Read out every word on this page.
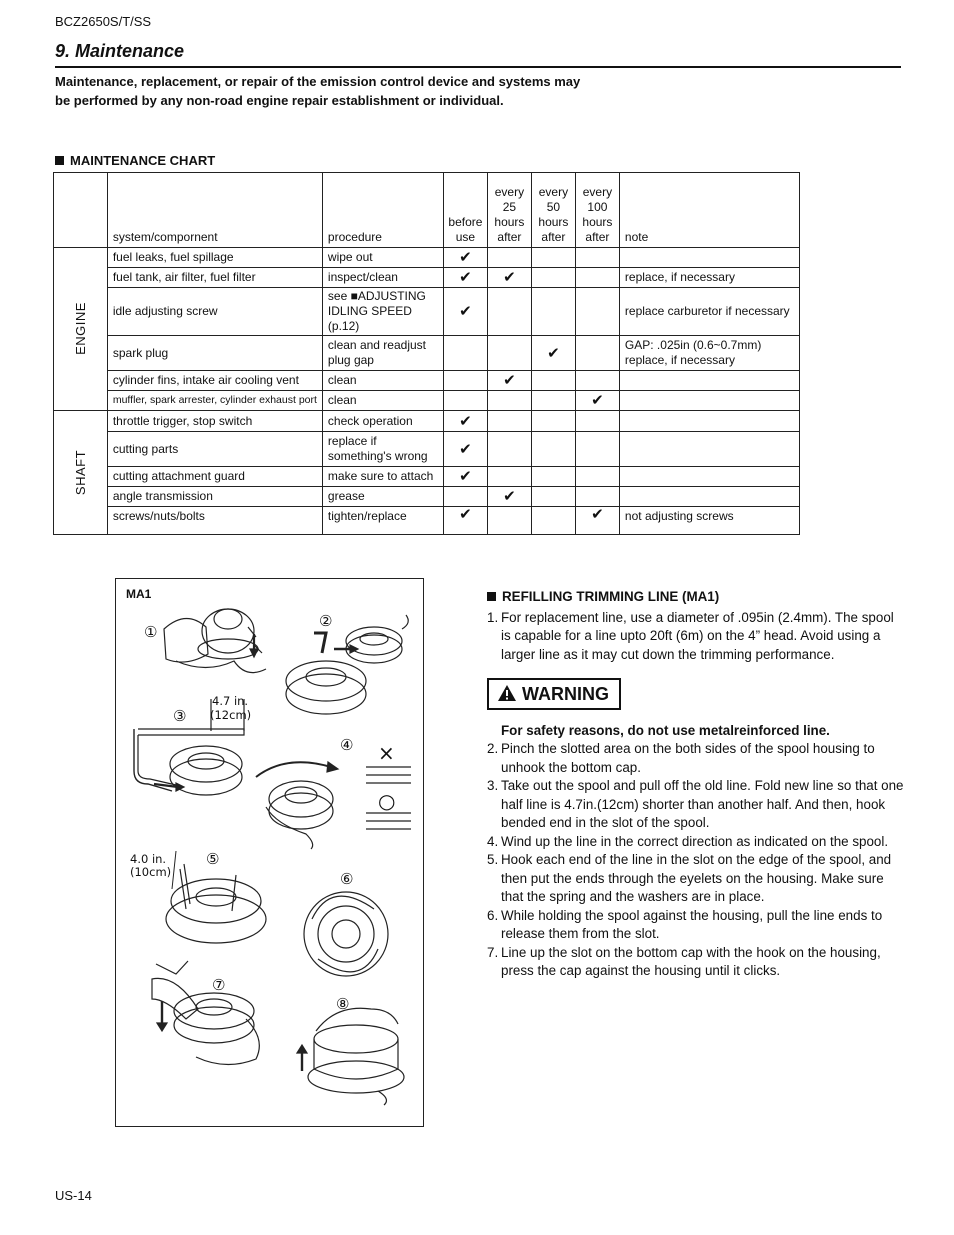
BCZ2650S/T/SS
9. Maintenance
Maintenance, replacement, or repair of the emission control device and systems may be performed by any non-road engine repair establishment or individual.
MAINTENANCE CHART
	system/compornent	procedure	before use	every 25 hours after	every 50 hours after	every 100 hours after	note
ENGINE	fuel leaks, fuel spillage	wipe out	✔				
	fuel tank, air filter, fuel filter	inspect/clean	✔	✔			replace, if necessary
	idle adjusting screw	see ■ADJUSTING IDLING SPEED (p.12)	✔				replace carburetor if necessary
	spark plug	clean and readjust plug gap			✔		GAP: .025in (0.6~0.7mm) replace, if necessary
	cylinder fins, intake air cooling vent	clean		✔			
	muffler, spark arrester, cylinder exhaust port	clean				✔	
SHAFT	throttle trigger, stop switch	check operation	✔				
	cutting parts	replace if something's wrong	✔				
	cutting attachment guard	make sure to attach	✔				
	angle transmission	grease		✔			
	screws/nuts/bolts	tighten/replace	✔			✔	not adjusting screws
MA1
①
②
③
④
⑤
⑥
⑦
⑧
4.7 in.
(12cm)
4.0 in.
(10cm)
×
○
REFILLING TRIMMING LINE (MA1)
1. For replacement line, use a diameter of .095in (2.4mm). The spool is capable for a line upto 20ft (6m) on the 4” head. Avoid using a larger line as it may cut down the trimming performance.
WARNING
For safety reasons, do not use metalreinforced line.
2. Pinch the slotted area on the both sides of the spool housing to unhook the bottom cap.
3. Take out the spool and pull off the old line. Fold new line so that one half line is 4.7in.(12cm) shorter than another half. And then, hook bended end in the slot of the spool.
4. Wind up the line in the correct direction as indicated on the spool.
5. Hook each end of the line in the slot on the edge of the spool, and then put the ends through the eyelets on the housing. Make sure that the spring and the washers are in place.
6. While holding the spool against the housing, pull the line ends to release them from the slot.
7. Line up the slot on the bottom cap with the hook on the housing, press the cap against the housing until it clicks.
US-14
